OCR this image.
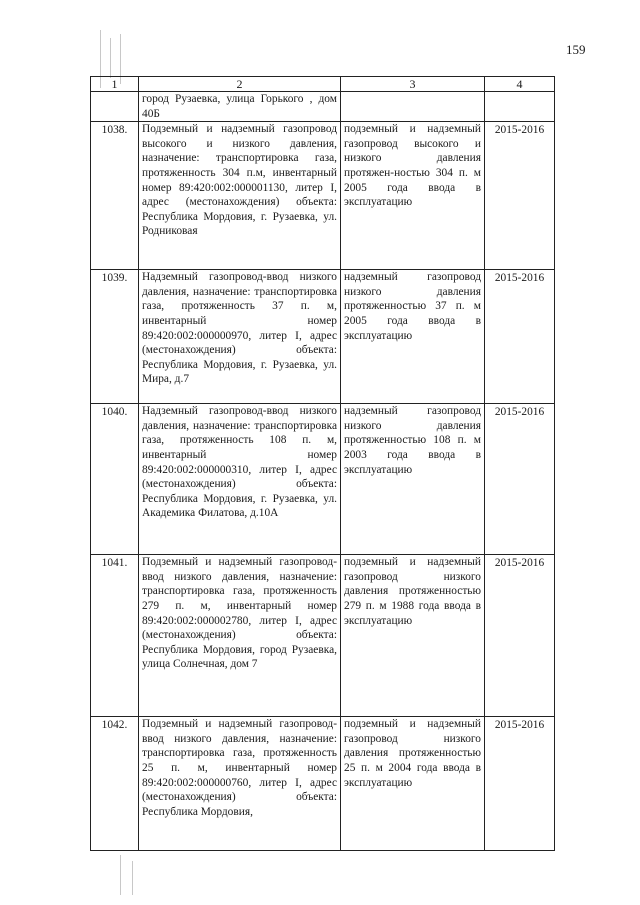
159
1	2	3	4
	город Рузаевка, улица Горького , дом 40Б		
1038.	Подземный и надземный газопровод высокого и низкого давления, назначение: транспортировка газа, протяженность 304 п.м, инвентарный номер 89:420:002:000001130, литер I, адрес (местонахождения) объекта: Республика Мордовия, г. Рузаевка, ул. Родниковая	подземный и надземный газопровод высокого и низкого давления протяжен-ностью 304 п. м 2005 года ввода в эксплуатацию	2015-2016
1039.	Надземный газопровод-ввод низкого давления, назначение: транспортировка газа, протяженность 37 п. м, инвентарный номер 89:420:002:000000970, литер I, адрес (местонахождения) объекта: Республика Мордовия, г. Рузаевка, ул. Мира, д.7	надземный газопровод низкого давления протяженностью 37 п. м 2005 года ввода в эксплуатацию	2015-2016
1040.	Надземный газопровод-ввод низкого давления, назначение: транспортировка газа, протяженность 108 п. м, инвентарный номер 89:420:002:000000310, литер I, адрес (местонахождения) объекта: Республика Мордовия, г. Рузаевка, ул. Академика Филатова, д.10А	надземный газопровод низкого давления протяженностью 108 п. м 2003 года ввода в эксплуатацию	2015-2016
1041.	Подземный и надземный газопровод-ввод низкого давления, назначение: транспортировка газа, протяженность 279 п. м, инвентарный номер 89:420:002:000002780, литер I, адрес (местонахождения) объекта: Республика Мордовия, город Рузаевка, улица Солнечная, дом 7	подземный и надземный газопровод низкого давления протяженностью 279 п. м 1988 года ввода в эксплуатацию	2015-2016
1042.	Подземный и надземный газопровод-ввод низкого давления, назначение: транспортировка газа, протяженность 25 п. м, инвентарный номер 89:420:002:000000760, литер I, адрес (местонахождения) объекта: Республика Мордовия,	подземный и надземный газопровод низкого давления протяженностью 25 п. м 2004 года ввода в эксплуатацию	2015-2016
